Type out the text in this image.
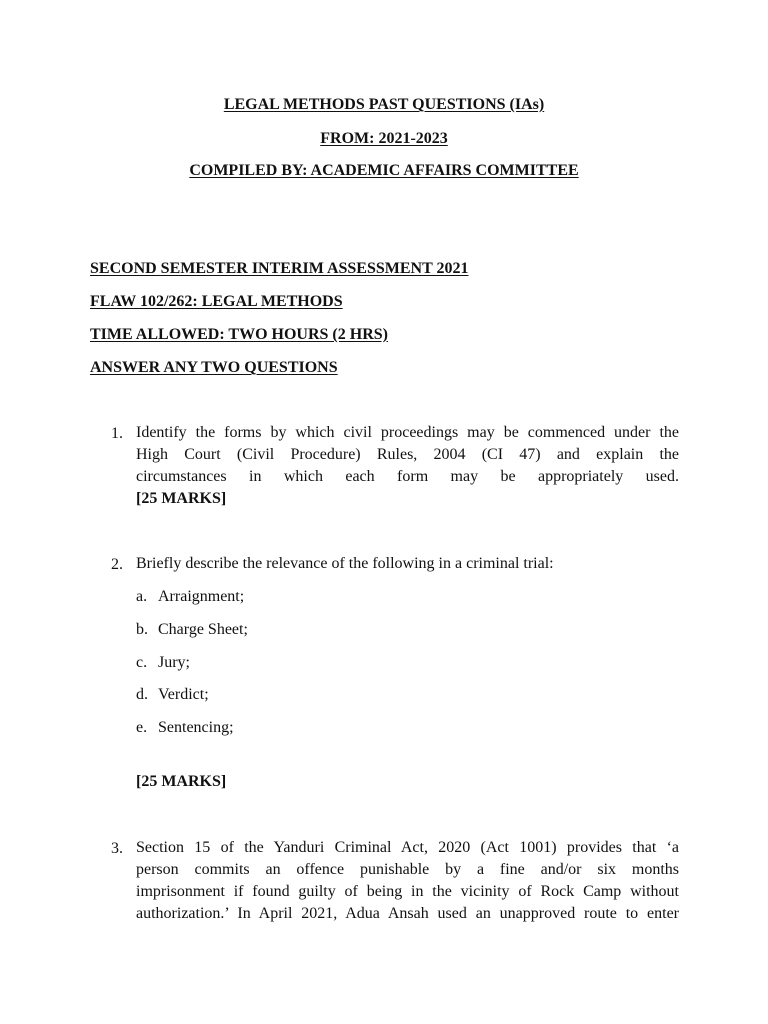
LEGAL METHODS PAST QUESTIONS (IAs)
FROM: 2021-2023
COMPILED BY: ACADEMIC AFFAIRS COMMITTEE
SECOND SEMESTER INTERIM ASSESSMENT 2021
FLAW 102/262: LEGAL METHODS
TIME ALLOWED: TWO HOURS (2 HRS)
ANSWER ANY TWO QUESTIONS
1. Identify the forms by which civil proceedings may be commenced under the
High Court (Civil Procedure) Rules, 2004 (CI 47) and explain the
circumstances in which each form may be appropriately used.
[25 MARKS]
2. Briefly describe the relevance of the following in a criminal trial:
a. Arraignment;
b. Charge Sheet;
c. Jury;
d. Verdict;
e. Sentencing;
[25 MARKS]
3. Section 15 of the Yanduri Criminal Act, 2020 (Act 1001) provides that ‘a
person commits an offence punishable by a fine and/or six months
imprisonment if found guilty of being in the vicinity of Rock Camp without
authorization.’ In April 2021, Adua Ansah used an unapproved route to enter
